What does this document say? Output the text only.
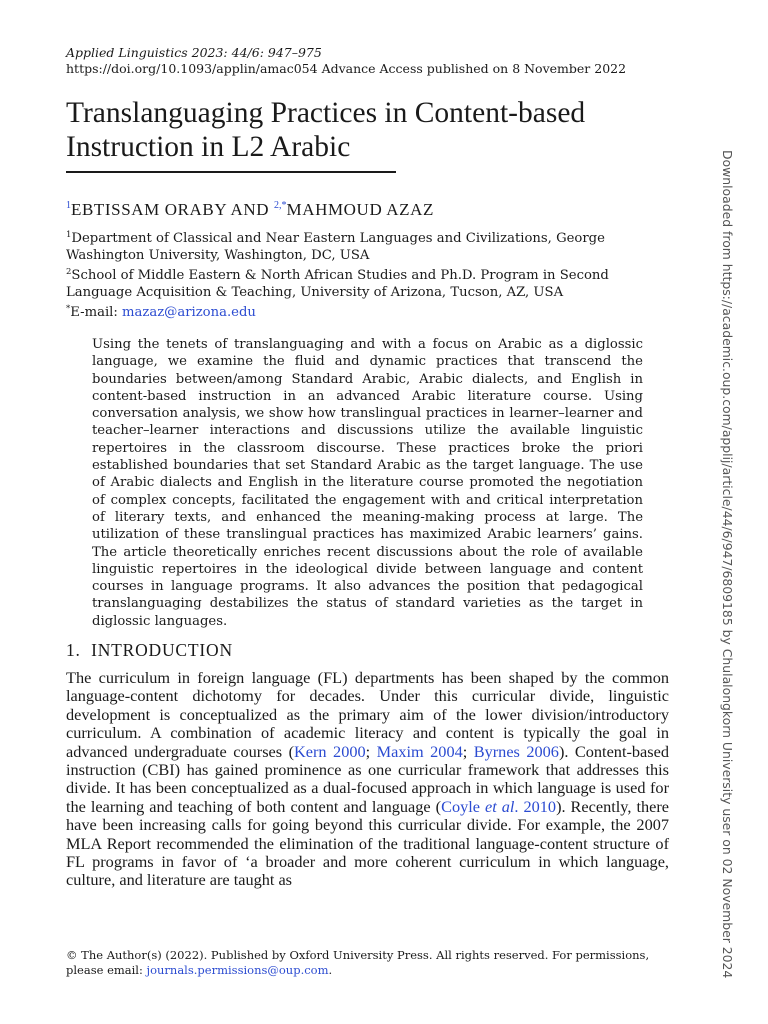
Applied Linguistics 2023: 44/6: 947–975
https://doi.org/10.1093/applin/amac054 Advance Access published on 8 November 2022
Translanguaging Practices in Content-based
Instruction in L2 Arabic
$^1$EBTISSAM ORABY AND $^{2,*}$MAHMOUD AZAZ

$^1$Department of Classical and Near Eastern Languages and Civilizations, George Washington University, Washington, DC, USA

$^2$School of Middle Eastern & North African Studies and Ph.D. Program in Second Language Acquisition & Teaching, University of Arizona, Tucson, AZ, USA

*E-mail: mazaz@arizona.edu

Using the tenets of translanguaging and with a focus on Arabic as a diglossic language, we examine the fluid and dynamic practices that transcend the boundaries between/among Standard Arabic, Arabic dialects, and English in content-based instruction in an advanced Arabic literature course. Using conversation analysis, we show how translingual practices in learner–learner and teacher–learner interactions and discussions utilize the available linguistic repertoires in the classroom discourse. These practices broke the priori established boundaries that set Standard Arabic as the target language. The use of Arabic dialects and English in the literature course promoted the negotiation of complex concepts, facilitated the engagement with and critical interpretation of literary texts, and enhanced the meaning-making process at large. The utilization of these translingual practices has maximized Arabic learners’ gains. The article theoretically enriches recent discussions about the role of available linguistic repertoires in the ideological divide between language and content courses in language programs. It also advances the position that pedagogical translanguaging destabilizes the status of standard varieties as the target in diglossic languages.

1. INTRODUCTION

The curriculum in foreign language (FL) departments has been shaped by the common language-content dichotomy for decades. Under this curricular divide, linguistic development is conceptualized as the primary aim of the lower division/introductory curriculum. A combination of academic literacy and content is typically the goal in advanced undergraduate courses (Kern 2000; Maxim 2004; Byrnes 2006). Content-based instruction (CBI) has gained prominence as one curricular framework that addresses this divide. It has been conceptualized as a dual-focused approach in which language is used for the learning and teaching of both content and language (Coyle et al. 2010). Recently, there have been increasing calls for going beyond this curricular divide. For example, the 2007 MLA Report recommended the elimination of the traditional language-content structure of FL programs in favor of ‘a broader and more coherent curriculum in which language, culture, and literature are taught as

© The Author(s) (2022). Published by Oxford University Press. All rights reserved. For permissions,
please email: journals.permissions@oup.com.	Downloaded from https://academic.oup.com/applij/article/44/6/947/6809185 by Chulalongkorn University user on 02 November 2024
